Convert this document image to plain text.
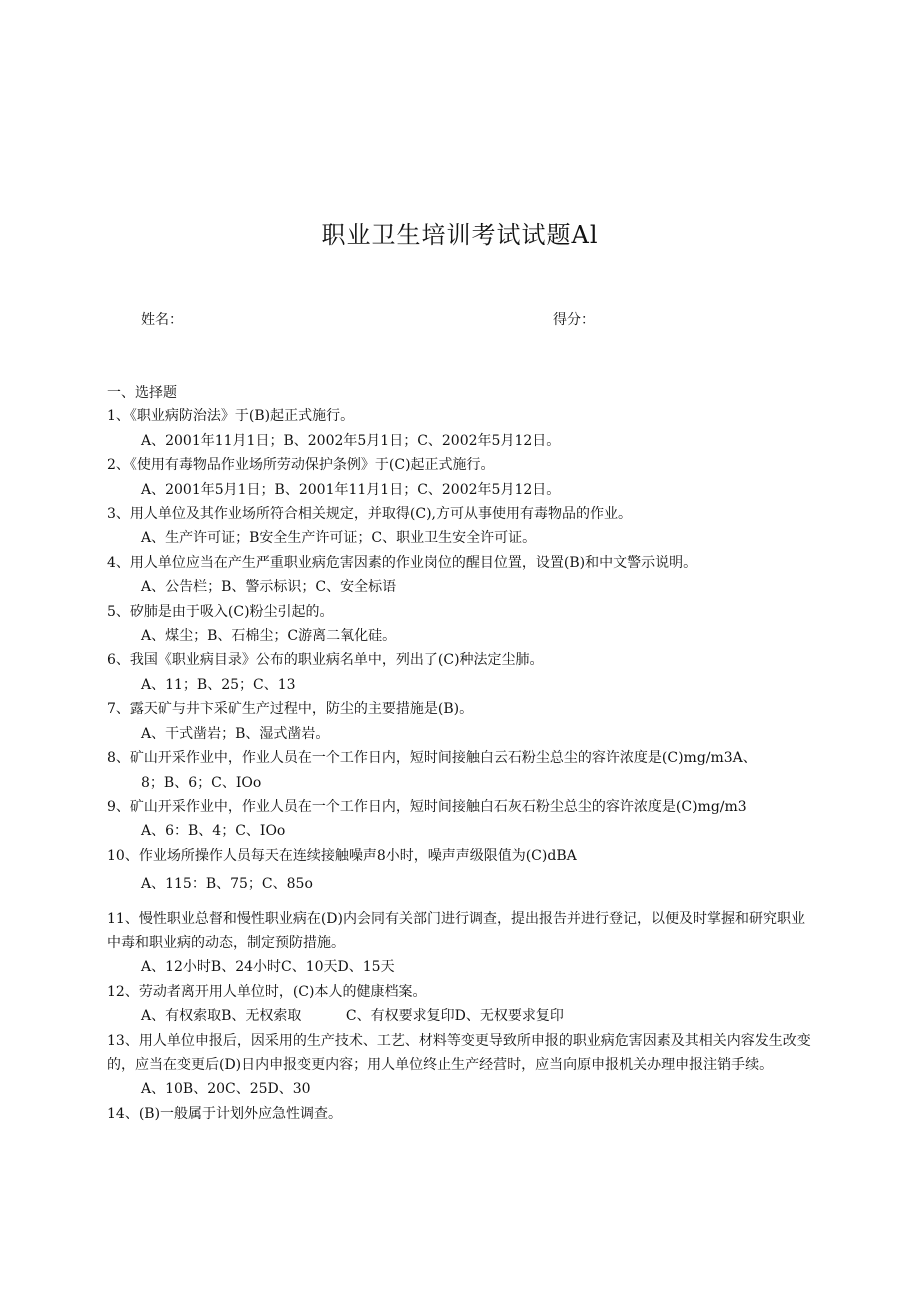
职业卫生培训考试试题Al
姓名：	得分：

一、选择题

1、《职业病防治法》于(B)起正式施行。

A、2001年11月1日；B、2002年5月1日；C、2002年5月12日。

2、《使用有毒物品作业场所劳动保护条例》于(C)起正式施行。

A、2001年5月1日；B、2001年11月1日；C、2002年5月12日。

3、用人单位及其作业场所符合相关规定，并取得(C),方可从事使用有毒物品的作业。

A、生产许可证；B安全生产许可证；C、职业卫生安全许可证。

4、用人单位应当在产生严重职业病危害因素的作业岗位的醒目位置，设置(B)和中文警示说明。

A、公告栏；B、警示标识；C、安全标语

5、矽肺是由于吸入(C)粉尘引起的。

A、煤尘；B、石棉尘；C游离二氧化硅。

6、我国《职业病目录》公布的职业病名单中，列出了(C)种法定尘肺。

A、11；B、25；C、13

7、露天矿与井卞采矿生产过程中，防尘的主要措施是(B)。

A、干式凿岩；B、湿式凿岩。

8、矿山开采作业中，作业人员在一个工作日内，短时间接触白云石粉尘总尘的容许浓度是(C)mg∕m3A、

8；B、6；C、IOo

9、矿山开采作业中，作业人员在一个工作日内，短时间接触白石灰石粉尘总尘的容许浓度是(C)mg∕m3

A、6：B、4；C、IOo

10、作业场所操作人员每天在连续接触噪声8小时，噪声声级限值为(C)dBA

A、115：B、75；C、85o

11、慢性职业总督和慢性职业病在(D)内会同有关部门进行调查，提出报告并进行登记，以便及时掌握和研究职业中毒和职业病的动态，制定预防措施。

A、12小时B、24小时C、10天D、15天

12、劳动者离开用人单位时，(C)本人的健康档案。

A、有权索取B、无权索取          C、有权要求复印D、无权要求复印

13、用人单位申报后，因采用的生产技术、工艺、材料等变更导致所申报的职业病危害因素及其相关内容发生改变的，应当在变更后(D)日内申报变更内容；用人单位终止生产经营时，应当向原申报机关办理申报注销手续。

A、10B、20C、25D、30

14、(B)一般属于计划外应急性调查。
